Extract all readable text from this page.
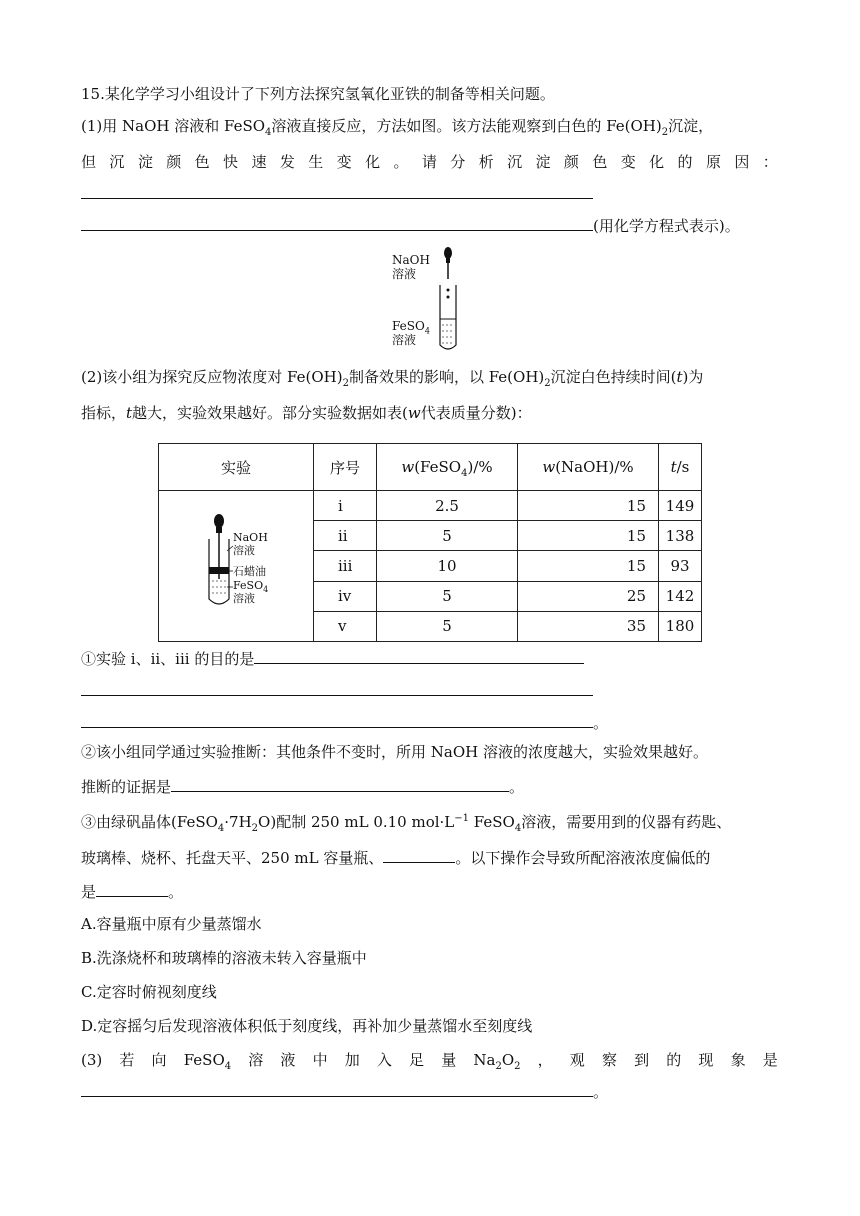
15.某化学学习小组设计了下列方法探究氢氧化亚铁的制备等相关问题。
(1)用 NaOH 溶液和 FeSO$_4$溶液直接反应，方法如图。该方法能观察到白色的 $Fe(OH)_2$沉淀，
但 沉 淀 颜 色 快 速 发 生 变 化 。 请 分 析 沉 淀 颜 色 变 化 的 原 因 ：
(用化学方程式表示)。
NaOH
溶液
FeSO$_4$
溶液
(2)该小组为探究反应物浓度对 $Fe(OH)_2$制备效果的影响，以 $Fe(OH)_2$沉淀白色持续时间(t)为
指标，t越大，实验效果越好。部分实验数据如表(w代表质量分数)：
实验	序号	w(FeSO$_4$)/%	w(NaOH)/%	t/s

NaOH
溶液
石蜡油
FeSO$_4$
溶液	i	2.5	15	149
	ii	5	15	138
	iii	10	15	93
	iv	5	25	142
	v	5	35	180
①实验 i、ii、iii 的目的是
。
②该小组同学通过实验推断：其他条件不变时，所用 NaOH 溶液的浓度越大，实验效果越好。
推断的证据是	。
③由绿矾晶体$(FeSO_4\cdot 7H_2O)$配制 250 mL 0.10 $mol\cdot L^{-1}$ FeSO$_4$溶液，需要用到的仪器有药匙、
玻璃棒、烧杯、托盘天平、250 mL 容量瓶、	。以下操作会导致所配溶液浓度偏低的
是	。
A.容量瓶中原有少量蒸馏水
B.洗涤烧杯和玻璃棒的溶液未转入容量瓶中
C.定容时俯视刻度线
D.定容摇匀后发现溶液体积低于刻度线，再补加少量蒸馏水至刻度线
(3) 若 向 FeSO$_4$ 溶 液 中 加 入 足 量 $Na_2O_2$ ， 观 察 到 的 现 象 是
。
